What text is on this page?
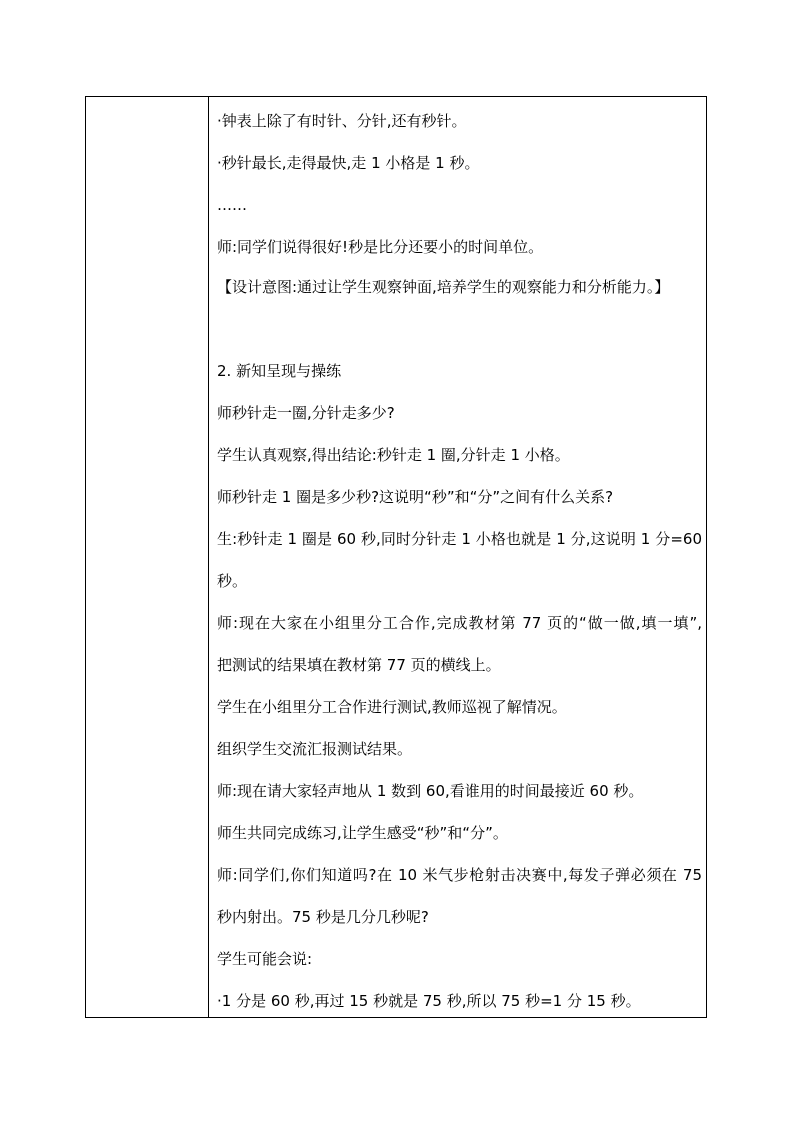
·钟表上除了有时针、分针,还有秒针。
·秒针最长,走得最快,走 1 小格是 1 秒。
……
师:同学们说得很好!秒是比分还要小的时间单位。
【设计意图:通过让学生观察钟面,培养学生的观察能力和分析能力。】
2. 新知呈现与操练
师秒针走一圈,分针走多少?
学生认真观察,得出结论:秒针走 1 圈,分针走 1 小格。
师秒针走 1 圈是多少秒?这说明“秒”和“分”之间有什么关系?
生:秒针走 1 圈是 60 秒,同时分针走 1 小格也就是 1 分,这说明 1 分=60
秒。
师:现在大家在小组里分工合作,完成教材第 77 页的“做一做,填一填”,
把测试的结果填在教材第 77 页的横线上。
学生在小组里分工合作进行测试,教师巡视了解情况。
组织学生交流汇报测试结果。
师:现在请大家轻声地从 1 数到 60,看谁用的时间最接近 60 秒。
师生共同完成练习,让学生感受“秒”和“分”。
师:同学们,你们知道吗?在 10 米气步枪射击决赛中,每发子弹必须在 75
秒内射出。75 秒是几分几秒呢?
学生可能会说:
·1 分是 60 秒,再过 15 秒就是 75 秒,所以 75 秒=1 分 15 秒。
